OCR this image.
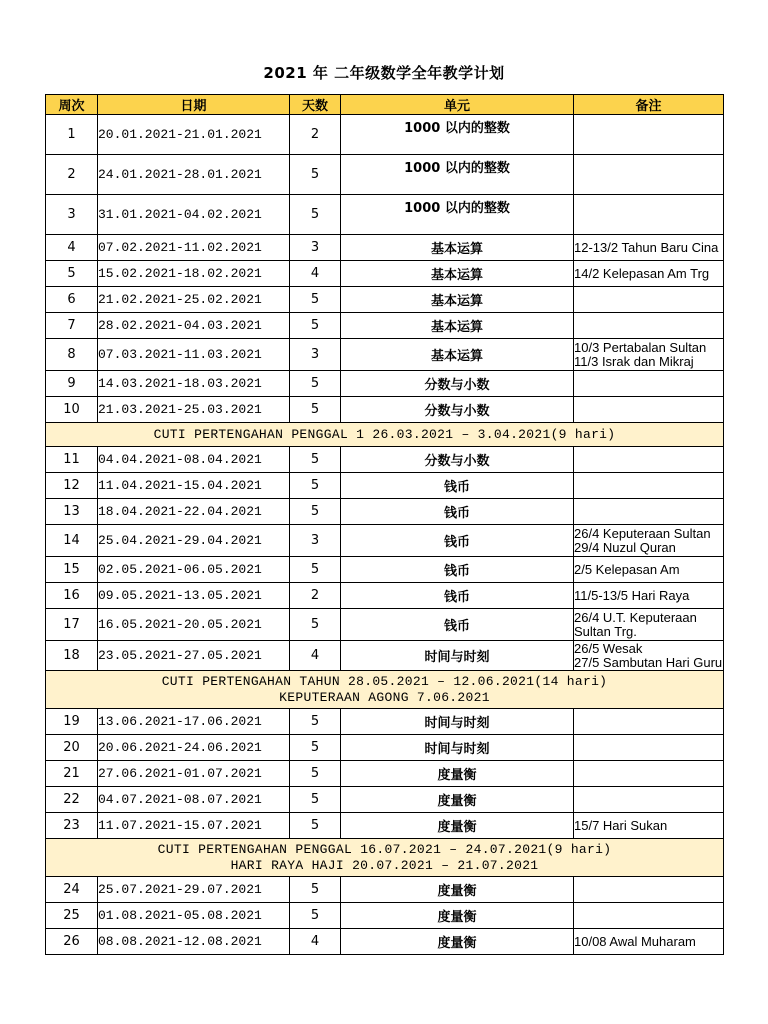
2021 年 二年级数学全年教学计划
周次	日期	天数	单元	备注
1	20.01.2021-21.01.2021	2	1000 以内的整数	
2	24.01.2021-28.01.2021	5	1000 以内的整数	
3	31.01.2021-04.02.2021	5	1000 以内的整数	
4	07.02.2021-11.02.2021	3	基本运算	12-13/2 Tahun Baru Cina

5	15.02.2021-18.02.2021	4	基本运算	14/2 Kelepasan Am Trg

6	21.02.2021-25.02.2021	5	基本运算	
7	28.02.2021-04.03.2021	5	基本运算	
8	07.03.2021-11.03.2021	3	基本运算	10/3 Pertabalan Sultan
11/3 Israk dan Mikraj

9	14.03.2021-18.03.2021	5	分数与小数	
10	21.03.2021-25.03.2021	5	分数与小数	

CUTI PERTENGAHAN PENGGAL 1 26.03.2021 – 3.04.2021(9 hari)				

11	04.04.2021-08.04.2021	5	分数与小数	
12	11.04.2021-15.04.2021	5	钱币	
13	18.04.2021-22.04.2021	5	钱币	
14	25.04.2021-29.04.2021	3	钱币	26/4 Keputeraan Sultan
29/4 Nuzul Quran

15	02.05.2021-06.05.2021	5	钱币	2/5 Kelepasan Am

16	09.05.2021-13.05.2021	2	钱币	11/5-13/5 Hari Raya

17	16.05.2021-20.05.2021	5	钱币	26/4 U.T. Keputeraan
Sultan Trg.

18	23.05.2021-27.05.2021	4	时间与时刻	26/5 Wesak
27/5 Sambutan Hari Guru

CUTI PERTENGAHAN TAHUN 28.05.2021 – 12.06.2021(14 hari)
KEPUTERAAN AGONG 7.06.2021				

19	13.06.2021-17.06.2021	5	时间与时刻	
20	20.06.2021-24.06.2021	5	时间与时刻	
21	27.06.2021-01.07.2021	5	度量衡	
22	04.07.2021-08.07.2021	5	度量衡	
23	11.07.2021-15.07.2021	5	度量衡	15/7 Hari Sukan

CUTI PERTENGAHAN PENGGAL 16.07.2021 – 24.07.2021(9 hari)
HARI RAYA HAJI 20.07.2021 – 21.07.2021				

24	25.07.2021-29.07.2021	5	度量衡	
25	01.08.2021-05.08.2021	5	度量衡	
26	08.08.2021-12.08.2021	4	度量衡	10/08 Awal Muharam
